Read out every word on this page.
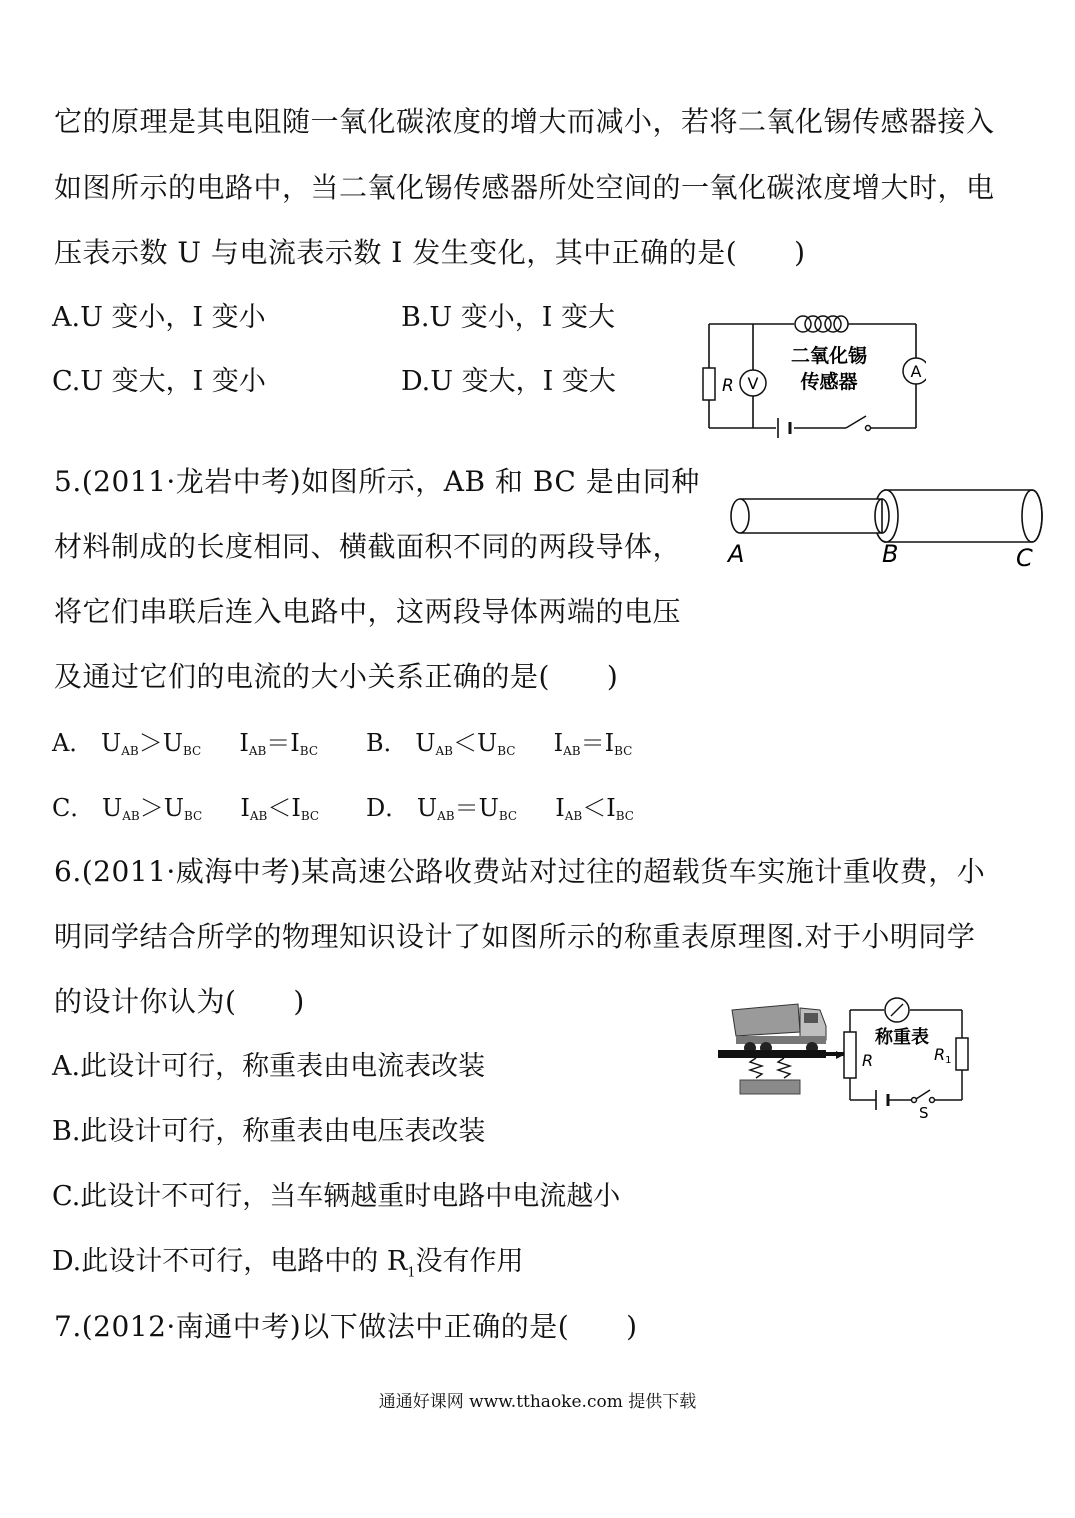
它的原理是其电阻随一氧化碳浓度的增大而减小，若将二氧化锡传感器接入
如图所示的电路中，当二氧化锡传感器所处空间的一氧化碳浓度增大时，电
压表示数 U 与电流表示数 I 发生变化，其中正确的是(　　)
A.U 变小，I 变小	B.U 变小，I 变大
C.U 变大，I 变小	D.U 变大，I 变大	R V
A
二氧化锡
传感器
5.(2011·龙岩中考)如图所示，AB 和 BC 是由同种
材料制成的长度相同、横截面积不同的两段导体，
将它们串联后连入电路中，这两段导体两端的电压
及通过它们的电流的大小关系正确的是(　　)
A	B	C
A． $U_{AB}>U_{BC}$ $I_{AB}=I_{BC}$ B． $U_{AB}<U_{BC}$ $I_{AB}=I_{BC}$
C． $U_{AB}>U_{BC}$ $I_{AB}<I_{BC}$ D． $U_{AB}=U_{BC}$ $I_{AB}<I_{BC}$
6.(2011·威海中考)某高速公路收费站对过往的超载货车实施计重收费，小
明同学结合所学的物理知识设计了如图所示的称重表原理图.对于小明同学
的设计你认为(　　)
A.此设计可行，称重表由电流表改装
B.此设计可行，称重表由电压表改装
C.此设计不可行，当车辆越重时电路中电流越小
D.此设计不可行，电路中的 $R_1$没有作用
称重表
R	R1
S
7.(2012·南通中考)以下做法中正确的是(　　)
通通好课网 www.tthaoke.com 提供下载
